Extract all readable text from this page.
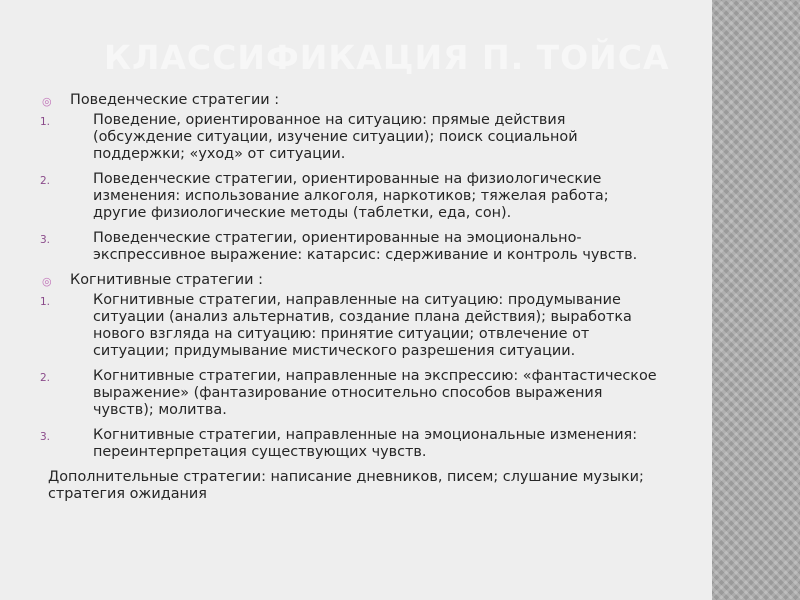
КЛАССИФИКАЦИЯ П. ТОЙСА
◎ Поведенческие стратегии :
1.	Поведение, ориентированное на ситуацию: прямые действия (обсуждение ситуации, изучение ситуации); поиск социальной поддержки; «уход» от ситуации.
2.	Поведенческие стратегии, ориентированные на физиологические изменения: использование алкоголя, наркотиков; тяжелая работа; другие физиологические методы (таблетки, еда, сон).
3.	Поведенческие стратегии, ориентированные на эмоционально-экспрессивное выражение: катарсис: сдерживание и контроль чувств.
◎ Когнитивные стратегии :
1.	Когнитивные стратегии, направленные на ситуацию: продумывание ситуации (анализ альтернатив, создание плана действия); выработка нового взгляда на ситуацию: принятие ситуации; отвлечение от ситуации; придумывание мистического разрешения ситуации.
2.	Когнитивные стратегии, направленные на экспрессию: «фантастическое выражение» (фантазирование относительно способов выражения чувств); молитва.
3.	Когнитивные стратегии, направленные на эмоциональные изменения: переинтерпретация существующих чувств.
Дополнительные стратегии: написание дневников, писем; слушание музыки; стратегия ожидания
